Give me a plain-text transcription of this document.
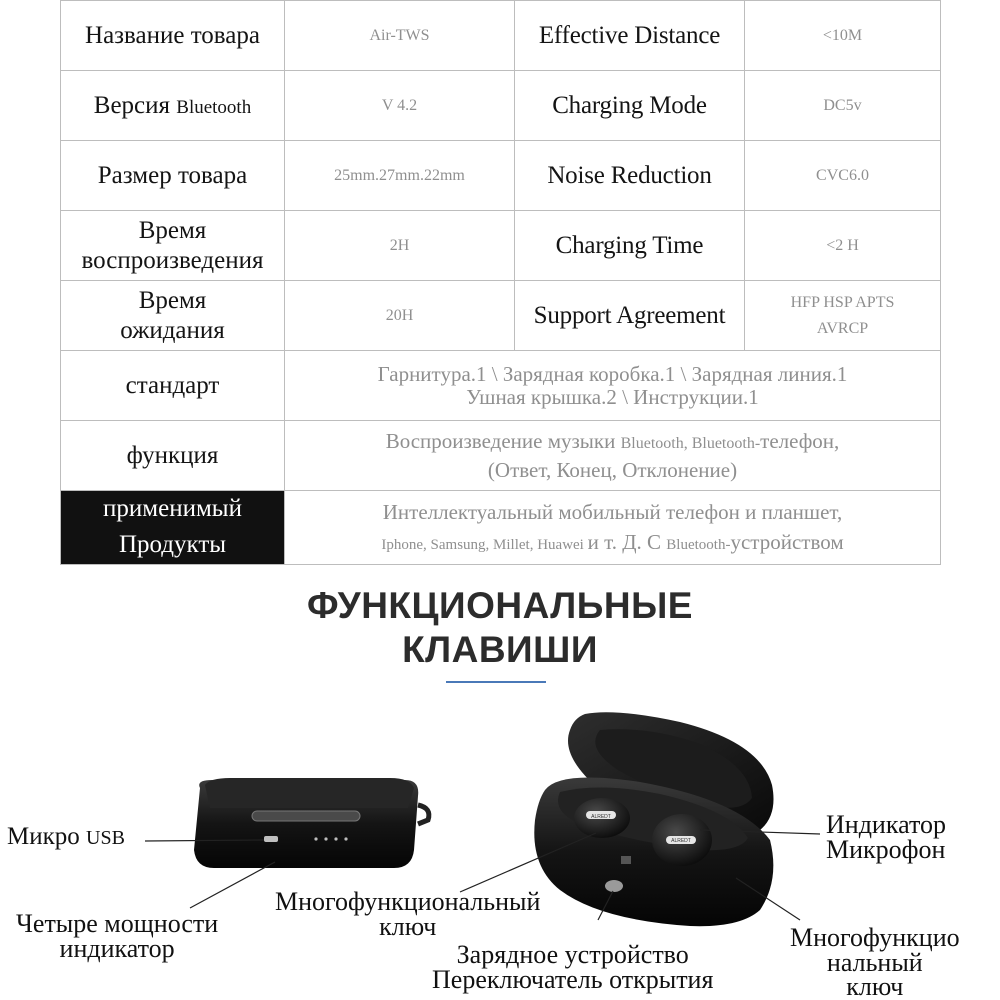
Название товара	Air-TWS	Effective Distance	<10M
Версия Bluetooth	V 4.2	Charging Mode	DC5v
Размер товара	25mm.27mm.22mm	Noise Reduction	CVC6.0

Время
воспроизведения	2H	Charging Time	<2 H

Время
ожидания	20H	Support Agreement	HFP HSP APTS
AVRCP

стандарт	Гарнитура.1 \ Зарядная коробка.1 \ Зарядная линия.1
Ушная крышка.2 \ Инструкции.1		

функция	Воспроизведение музыки Bluetooth, Bluetooth-телефон,
(Ответ, Конец, Отклонение)		

применимый
Продукты	Интеллектуальный мобильный телефон и планшет,
Iphone, Samsung, Millet, Huawei и т. Д. С Bluetooth-устройством		
ФУНКЦИОНАЛЬНЫЕ
КЛАВИШИ
ALREDT
ALREDT
Микро USB
Четыре мощности
индикатор
Многофункциональный
ключ
Зарядное устройство
Переключатель открытия
Индикатор
Микрофон
Многофункцио
нальный
ключ
